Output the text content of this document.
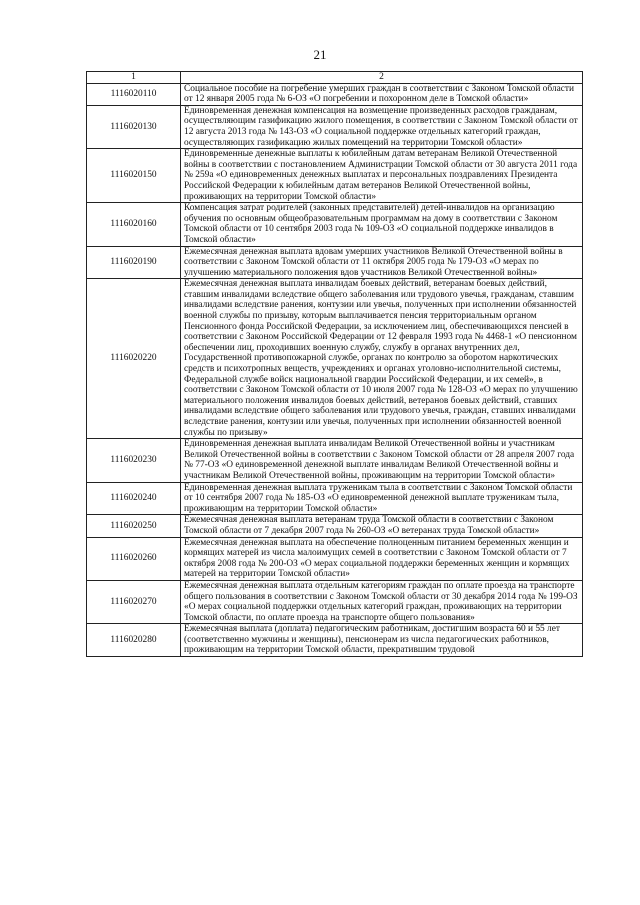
21
1	2
1116020110	Социальное пособие на погребение умерших граждан в соответствии с Законом Томской области от 12 января 2005 года № 6-ОЗ «О погребении и похоронном деле в Томской области»
1116020130	Единовременная денежная компенсация на возмещение произведенных расходов гражданам, осуществляющим газификацию жилого помещения, в соответствии с Законом Томской области от 12 августа 2013 года № 143-ОЗ «О социальной поддержке отдельных категорий граждан, осуществляющих газификацию жилых помещений на территории Томской области»
1116020150	Единовременные денежные выплаты к юбилейным датам ветеранам Великой Отечественной войны в соответствии с постановлением Администрации Томской области от 30 августа 2011 года № 259а «О единовременных денежных выплатах и персональных поздравлениях Президента Российской Федерации к юбилейным датам ветеранов Великой Отечественной войны, проживающих на территории Томской области»
1116020160	Компенсация затрат родителей (законных представителей) детей-инвалидов на организацию обучения по основным общеобразовательным программам на дому в соответствии с Законом Томской области от 10 сентября 2003 года № 109-ОЗ «О социальной поддержке инвалидов в Томской области»
1116020190	Ежемесячная денежная выплата вдовам умерших участников Великой Отечественной войны в соответствии с Законом Томской области от 11 октября 2005 года № 179-ОЗ «О мерах по улучшению материального положения вдов участников Великой Отечественной войны»
1116020220	Ежемесячная денежная выплата инвалидам боевых действий, ветеранам боевых действий, ставшим инвалидами вследствие общего заболевания или трудового увечья, гражданам, ставшим инвалидами вследствие ранения, контузии или увечья, полученных при исполнении обязанностей военной службы по призыву, которым выплачивается пенсия территориальным органом Пенсионного фонда Российской Федерации, за исключением лиц, обеспечивающихся пенсией в соответствии с Законом Российской Федерации от 12 февраля 1993 года № 4468-1 «О пенсионном обеспечении лиц, проходивших военную службу, службу в органах внутренних дел, Государственной противопожарной службе, органах по контролю за оборотом наркотических средств и психотропных веществ, учреждениях и органах уголовно-исполнительной системы, Федеральной службе войск национальной гвардии Российской Федерации, и их семей», в соответствии с Законом Томской области от 10 июля 2007 года № 128-ОЗ «О мерах по улучшению материального положения инвалидов боевых действий, ветеранов боевых действий, ставших инвалидами вследствие общего заболевания или трудового увечья, граждан, ставших инвалидами вследствие ранения, контузии или увечья, полученных при исполнении обязанностей военной службы по призыву»
1116020230	Единовременная денежная выплата инвалидам Великой Отечественной войны и участникам Великой Отечественной войны в соответствии с Законом Томской области от 28 апреля 2007 года № 77-ОЗ «О единовременной денежной выплате инвалидам Великой Отечественной войны и участникам Великой Отечественной войны, проживающим на территории Томской области»
1116020240	Единовременная денежная выплата труженикам тыла в соответствии с Законом Томской области от 10 сентября 2007 года № 185-ОЗ «О единовременной денежной выплате труженикам тыла, проживающим на территории Томской области»
1116020250	Ежемесячная денежная выплата ветеранам труда Томской области в соответствии с Законом Томской области от 7 декабря 2007 года № 260-ОЗ «О ветеранах труда Томской области»
1116020260	Ежемесячная денежная выплата на обеспечение полноценным питанием беременных женщин и кормящих матерей из числа малоимущих семей в соответствии с Законом Томской области от 7 октября 2008 года № 200-ОЗ «О мерах социальной поддержки беременных женщин и кормящих матерей на территории Томской области»
1116020270	Ежемесячная денежная выплата отдельным категориям граждан по оплате проезда на транспорте общего пользования в соответствии с Законом Томской области от 30 декабря 2014 года № 199-ОЗ «О мерах социальной поддержки отдельных категорий граждан, проживающих на территории Томской области, по оплате проезда на транспорте общего пользования»
1116020280	Ежемесячная выплата (доплата) педагогическим работникам, достигшим возраста 60 и 55 лет (соответственно мужчины и женщины), пенсионерам из числа педагогических работников, проживающим на территории Томской области, прекратившим трудовой
